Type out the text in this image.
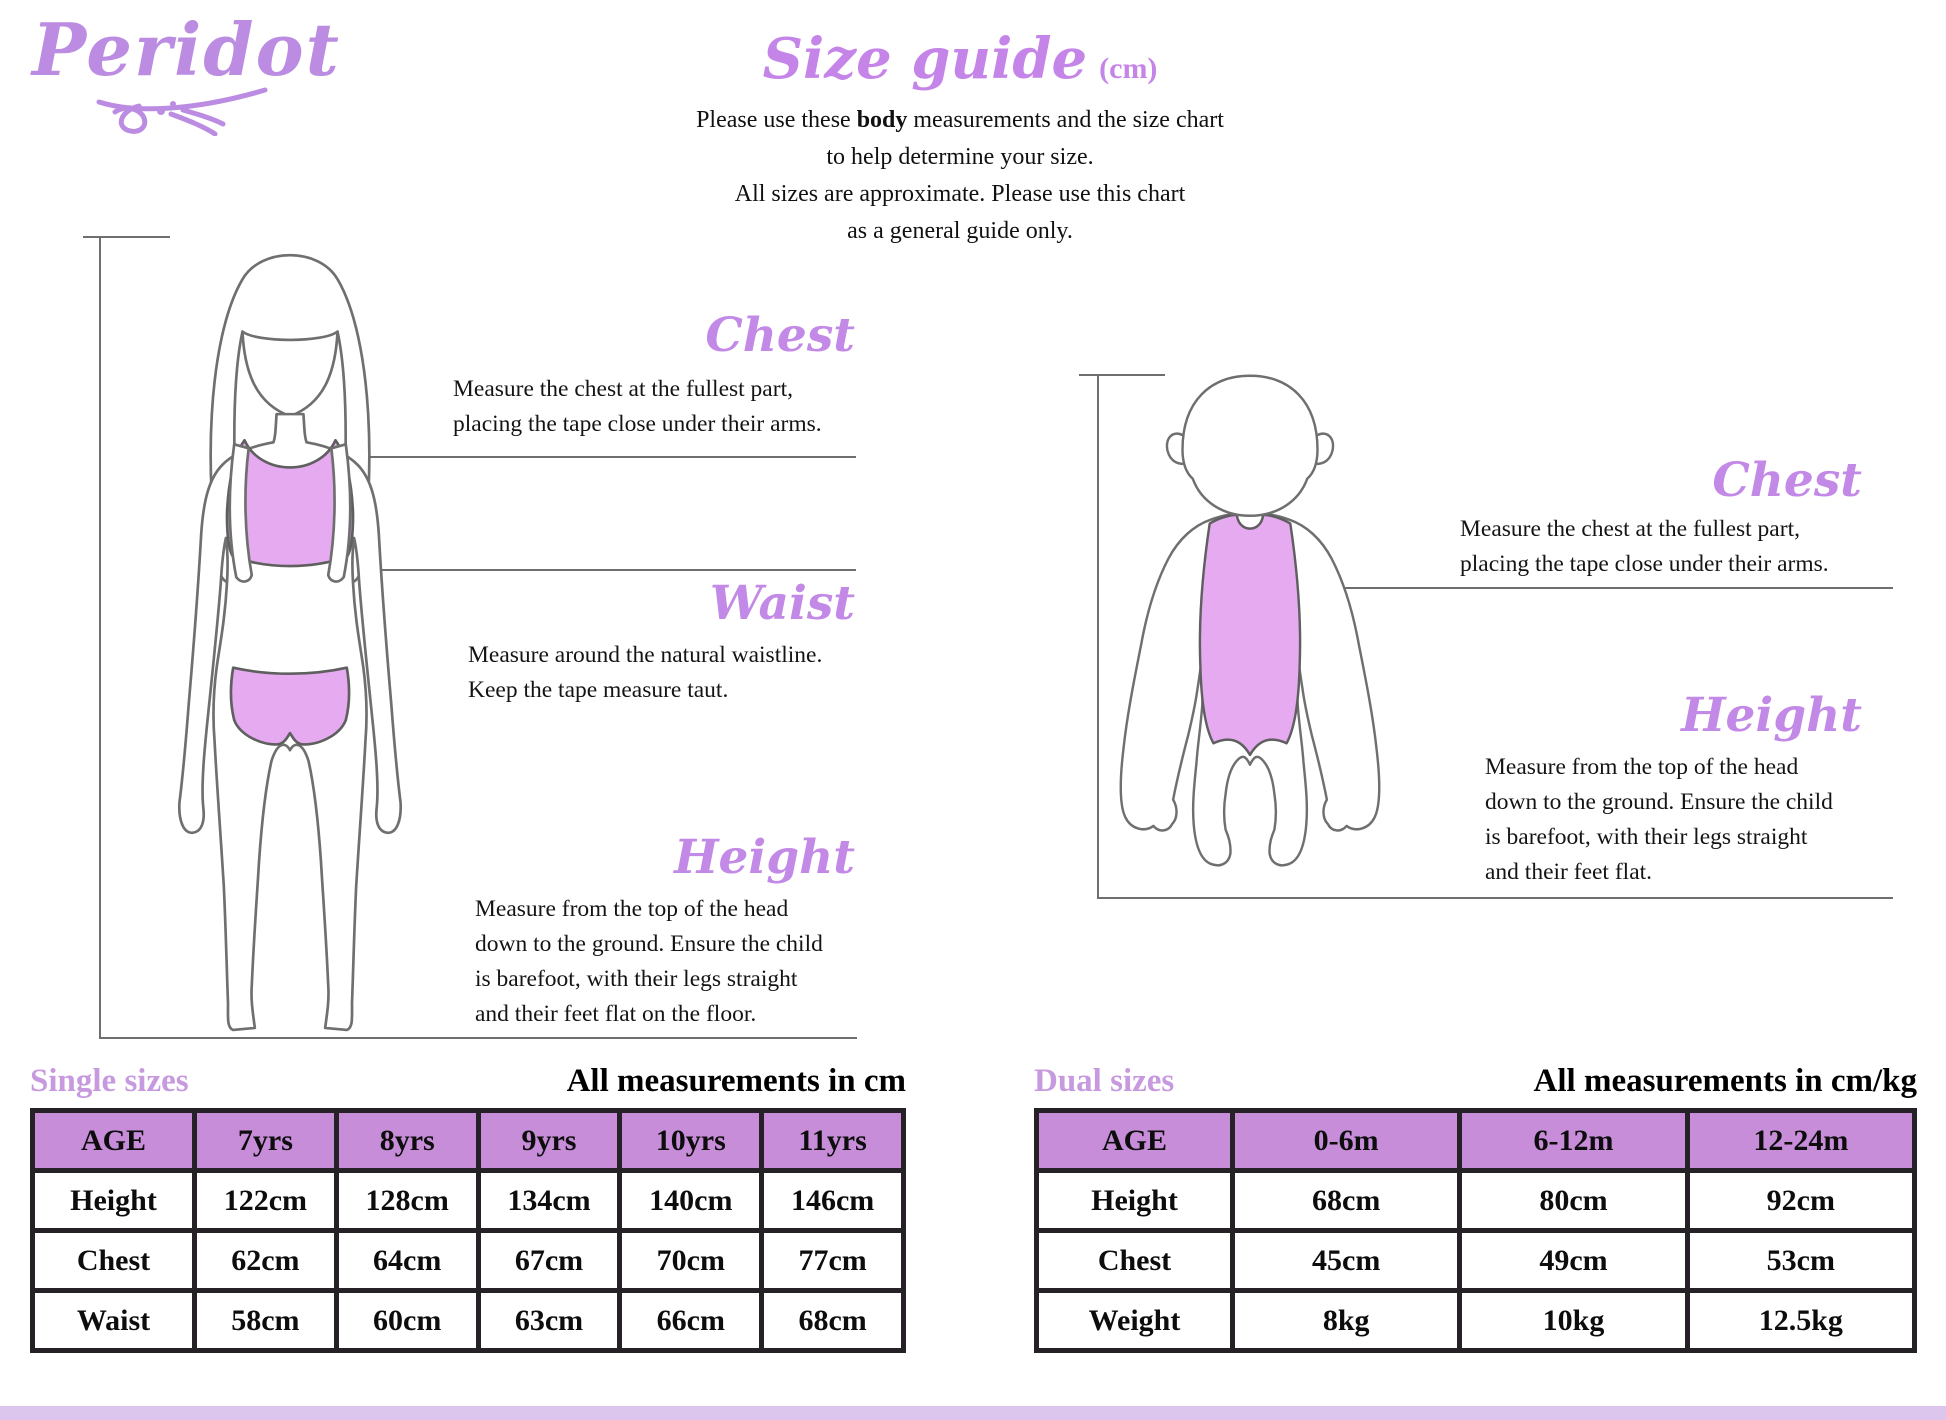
Peridot	Size guide (cm)
Please use these body measurements and the size chart
to help determine your size.
All sizes are approximate. Please use this chart
as a general guide only.
Chest
Measure the chest at the fullest part,
placing the tape close under their arms.
Waist
Measure around the natural waistline.
Keep the tape measure taut.
Height
Measure from the top of the head
down to the ground. Ensure the child
is barefoot, with their legs straight
and their feet flat on the floor.
Chest
Measure the chest at the fullest part,
placing the tape close under their arms.
Height
Measure from the top of the head
down to the ground. Ensure the child
is barefoot, with their legs straight
and their feet flat.
Single sizes	All measurements in cm
AGE	7yrs	8yrs	9yrs	10yrs	11yrs
Height	122cm	128cm	134cm	140cm	146cm
Chest	62cm	64cm	67cm	70cm	77cm
Waist	58cm	60cm	63cm	66cm	68cm
Dual sizes	All measurements in cm/kg
AGE	0-6m	6-12m	12-24m
Height	68cm	80cm	92cm
Chest	45cm	49cm	53cm
Weight	8kg	10kg	12.5kg
